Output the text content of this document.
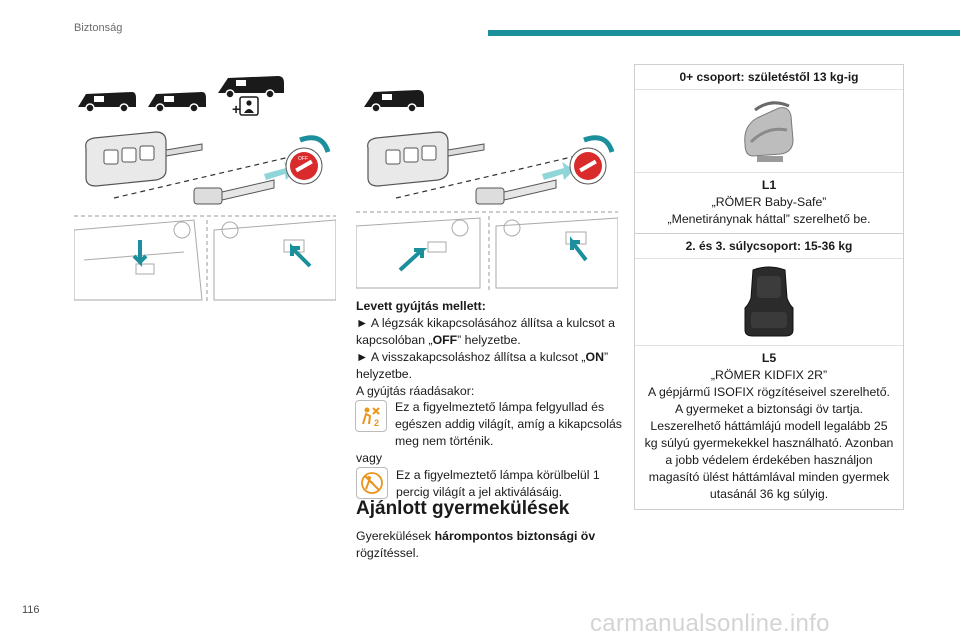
Biztonság
+
OFF

Levett gyújtás mellett:

► A légzsák kikapcsolásához állítsa a kulcsot a kapcsolóban „OFF” helyzetbe.

► A visszakapcsoláshoz állítsa a kulcsot „ON” helyzetbe.

A gyújtás ráadásakor:

2

Ez a figyelmeztető lámpa felgyullad és egészen addig világít, amíg a kikapcsolás meg nem történik.

vagy

Ez a figyelmeztető lámpa körülbelül 1 percig világít a jel aktiválásáig.

Ajánlott gyermekülések
Gyerekülések hárompontos biztonsági öv rögzítéssel.
0+ csoport: születéstől 13 kg-ig
L1
„RÖMER Baby-Safe”
„Menetiránynak háttal” szerelhető be.
2. és 3. súlycsoport: 15-36 kg
L5
„RÖMER KIDFIX 2R”
A gépjármű ISOFIX rögzítéseivel szerelhető.
A gyermeket a biztonsági öv tartja.
Leszerelhető háttámlájú modell legalább 25 kg súlyú gyermekekkel használható. Azonban a jobb védelem érdekében használjon magasító ülést háttámlával minden gyermek utasánál 36 kg súlyig.
116	carmanualsonline.info
